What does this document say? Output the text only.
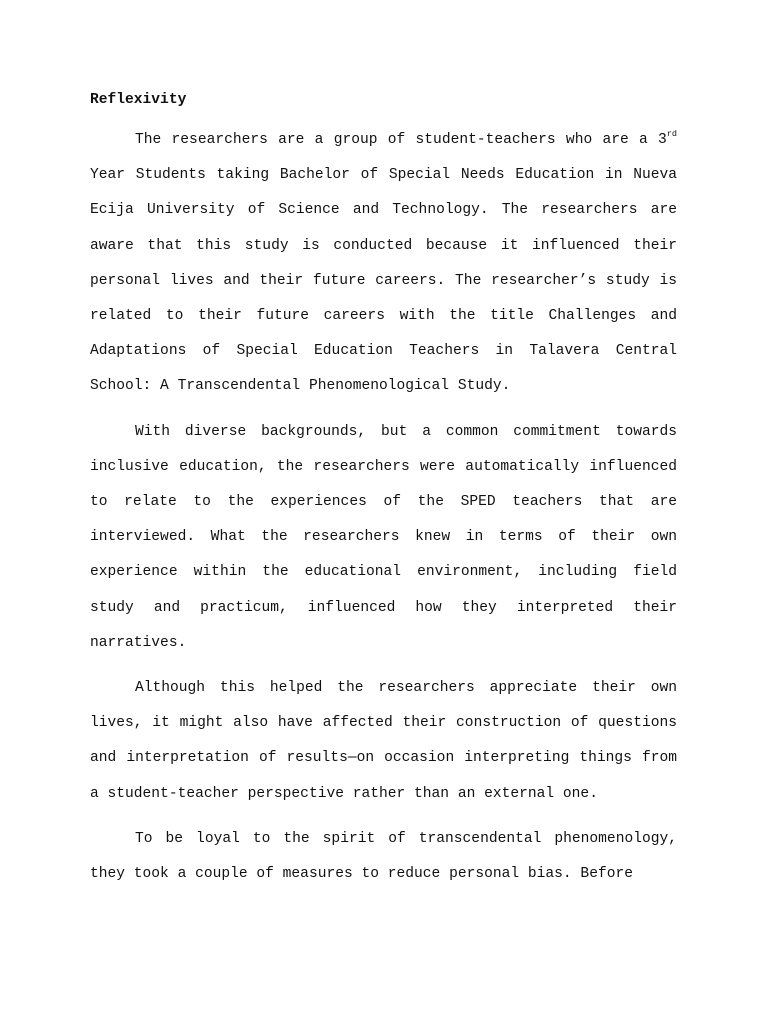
Reflexivity

The researchers are a group of student-teachers who are a 3rd Year Students taking Bachelor of Special Needs Education in Nueva Ecija University of Science and Technology. The researchers are aware that this study is conducted because it influenced their personal lives and their future careers. The researcher’s study is related to their future careers with the title Challenges and Adaptations of Special Education Teachers in Talavera Central School: A Transcendental Phenomenological Study.

With diverse backgrounds, but a common commitment towards inclusive education, the researchers were automatically influenced to relate to the experiences of the SPED teachers that are interviewed. What the researchers knew in terms of their own experience within the educational environment, including field study and practicum, influenced how they interpreted their narratives.

Although this helped the researchers appreciate their own lives, it might also have affected their construction of questions and interpretation of results—on occasion interpreting things from a student-teacher perspective rather than an external one.

To be loyal to the spirit of transcendental phenomenology, they took a couple of measures to reduce personal bias. Before
